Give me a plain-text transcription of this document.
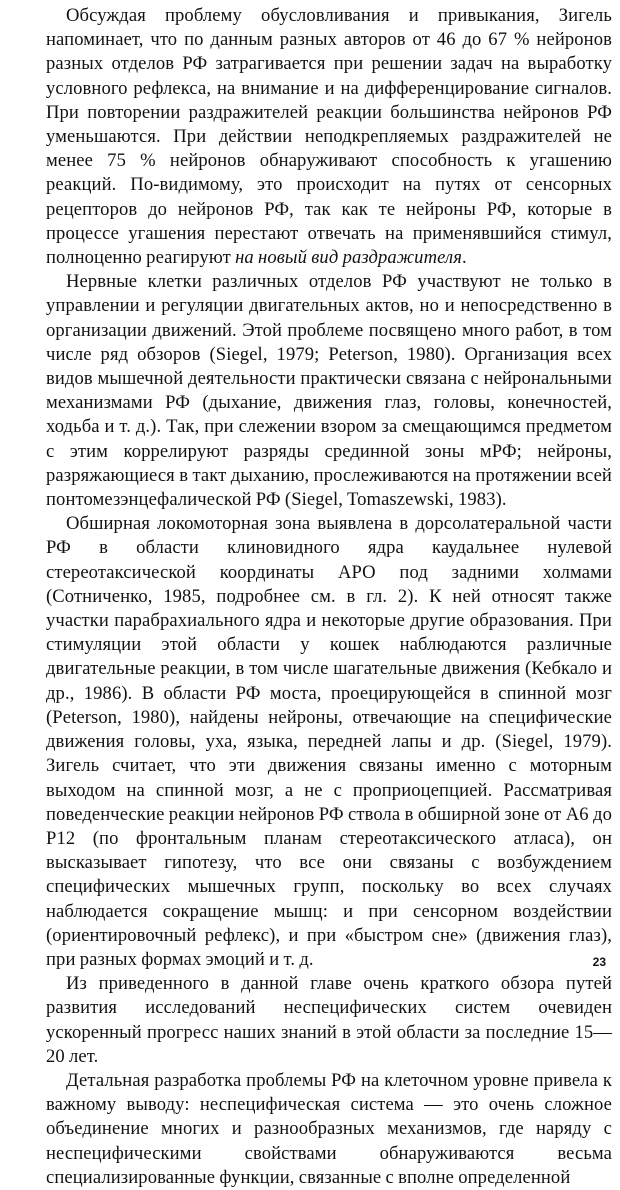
Обсуждая проблему обусловливания и привыкания, Зигель напоминает, что по данным разных авторов от 46 до 67 % нейронов разных отделов РФ затрагивается при решении задач на выработку условного рефлекса, на внимание и на дифференцирование сигналов. При повторении раздражителей реакции большинства нейронов РФ уменьшаются. При действии неподкрепляемых раздражителей не менее 75 % нейронов обнаруживают способность к угашению реакций. По-видимому, это происходит на путях от сенсорных рецепторов до нейронов РФ, так как те нейроны РФ, которые в процессе угашения перестают отвечать на применявшийся стимул, полноценно реагируют на новый вид раздражителя.

Нервные клетки различных отделов РФ участвуют не только в управлении и регуляции двигательных актов, но и непосредственно в организации движений. Этой проблеме посвящено много работ, в том числе ряд обзоров (Siegel, 1979; Peterson, 1980). Организация всех видов мышечной деятельности практически связана с нейрональными механизмами РФ (дыхание, движения глаз, головы, конечностей, ходьба и т. д.). Так, при слежении взором за смещающимся предметом с этим коррелируют разряды срединной зоны мРФ; нейроны, разряжающиеся в такт дыханию, прослеживаются на протяжении всей понтомезэнцефалической РФ (Siegel, Tomaszewski, 1983).

Обширная локомоторная зона выявлена в дорсолатеральной части РФ в области клиновидного ядра каудальнее нулевой стереотаксической координаты АРО под задними холмами (Сотниченко, 1985, подробнее см. в гл. 2). К ней относят также участки парабрахиального ядра и некоторые другие образования. При стимуляции этой области у кошек наблюдаются различные двигательные реакции, в том числе шагательные движения (Кебкало и др., 1986). В области РФ моста, проецирующейся в спинной мозг (Peterson, 1980), найдены нейроны, отвечающие на специфические движения головы, уха, языка, передней лапы и др. (Siegel, 1979). Зигель считает, что эти движения связаны именно с моторным выходом на спинной мозг, а не с проприоцепцией. Рассматривая поведенческие реакции нейронов РФ ствола в обширной зоне от А6 до Р12 (по фронтальным планам стереотаксического атласа), он высказывает гипотезу, что все они связаны с возбуждением специфических мышечных групп, поскольку во всех случаях наблюдается сокращение мышц: и при сенсорном воздействии (ориентировочный рефлекс), и при «быстром сне» (движения глаз), при разных формах эмоций и т. д.

Из приведенного в данной главе очень краткого обзора путей развития исследований неспецифических систем очевиден ускоренный прогресс наших знаний в этой области за последние 15—20 лет.

Детальная разработка проблемы РФ на клеточном уровне привела к важному выводу: неспецифическая система — это очень сложное объединение многих и разнообразных механизмов, где наряду с неспецифическими свойствами обнаруживаются весьма специализированные функции, связанные с вполне определенной

23
